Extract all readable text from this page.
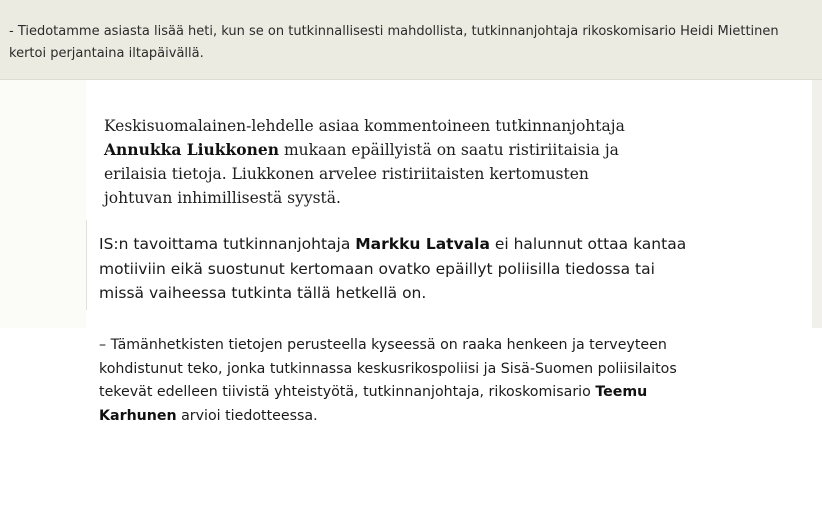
- Tiedotamme asiasta lisää heti, kun se on tutkinnallisesti mahdollista, tutkinnanjohtaja rikoskomisario Heidi Miettinen kertoi perjantaina iltapäivällä.

Keskisuomalainen-lehdelle asiaa kommentoineen tutkinnanjohtaja Annukka Liukkonen mukaan epäillyistä on saatu ristiriitaisia ja erilaisia tietoja. Liukkonen arvelee ristiriitaisten kertomusten johtuvan inhimillisestä syystä.

IS:n tavoittama tutkinnanjohtaja Markku Latvala ei halunnut ottaa kantaa motiiviin eikä suostunut kertomaan ovatko epäillyt poliisilla tiedossa tai missä vaiheessa tutkinta tällä hetkellä on.

– Tämänhetkisten tietojen perusteella kyseessä on raaka henkeen ja terveyteen kohdistunut teko, jonka tutkinnassa keskusrikospoliisi ja Sisä-Suomen poliisilaitos tekevät edelleen tiivistä yhteistyötä, tutkinnanjohtaja, rikoskomisario Teemu Karhunen arvioi tiedotteessa.
